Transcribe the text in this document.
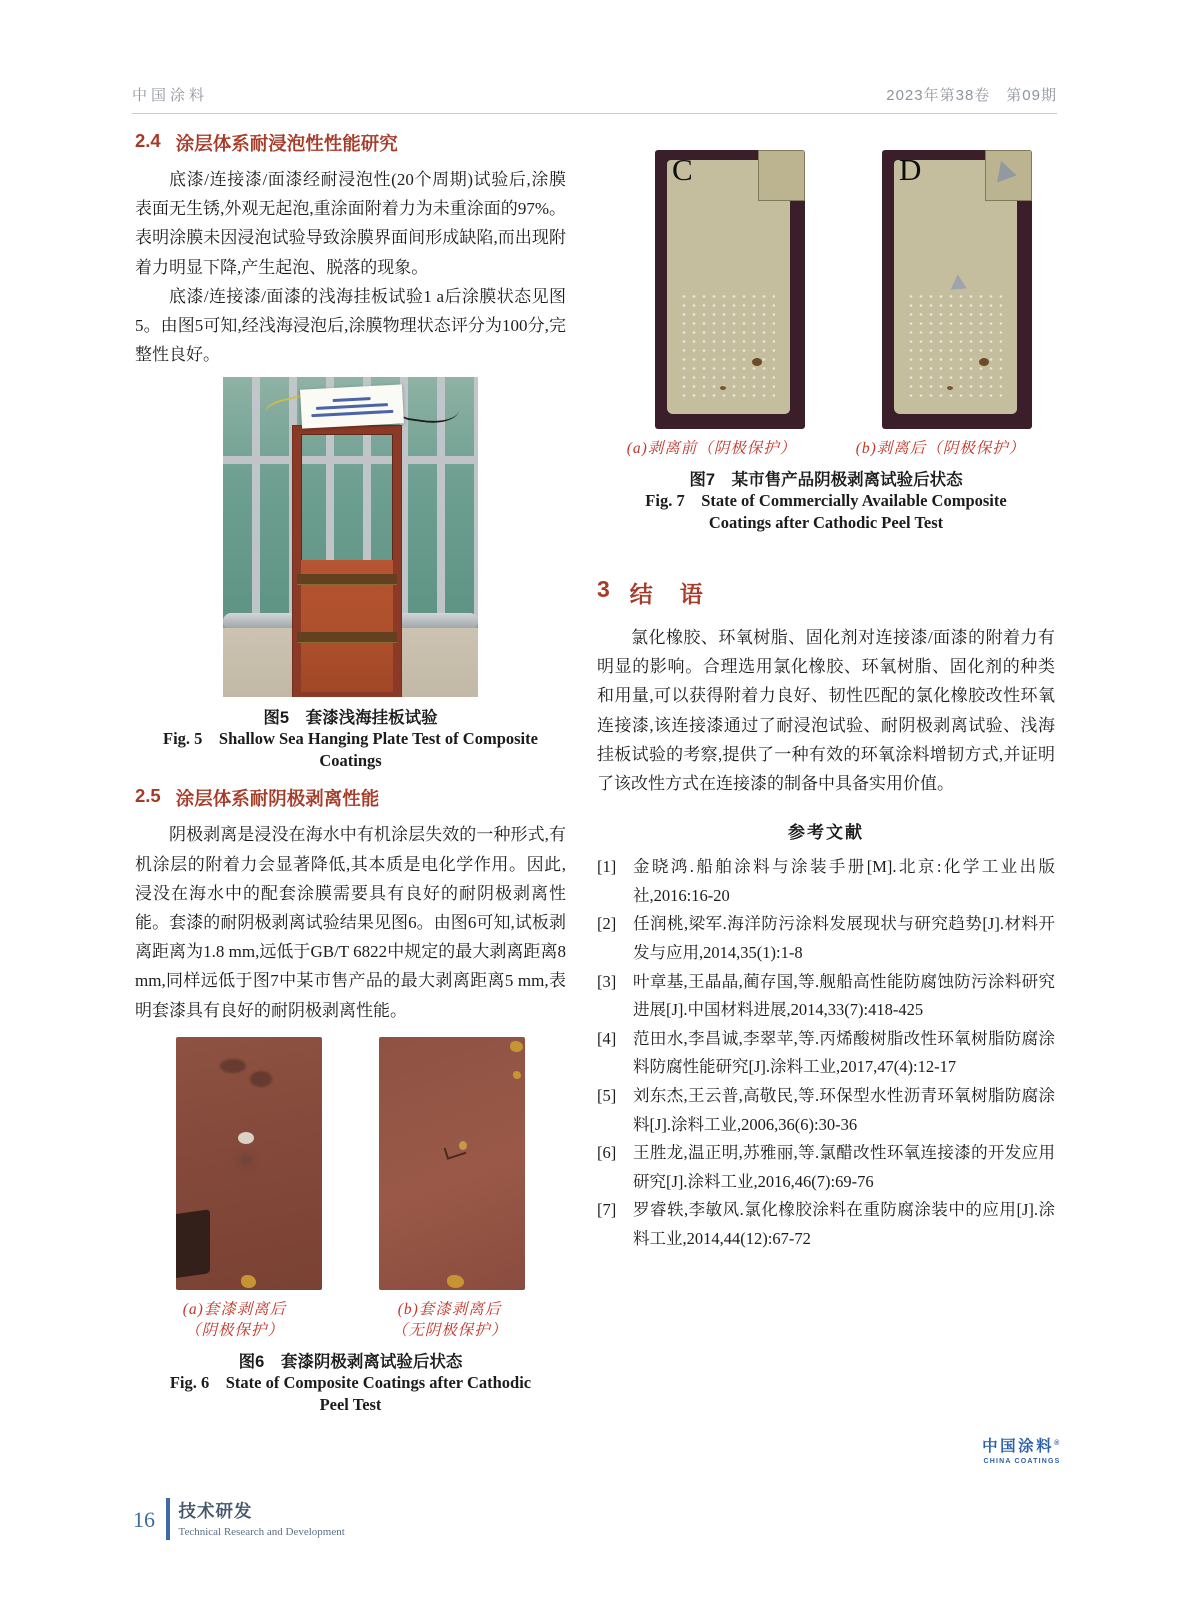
中国涂料	2023年第38卷　第09期
2.4 涂层体系耐浸泡性性能研究

底漆/连接漆/面漆经耐浸泡性(20个周期)试验后,涂膜表面无生锈,外观无起泡,重涂面附着力为未重涂面的97%。表明涂膜未因浸泡试验导致涂膜界面间形成缺陷,而出现附着力明显下降,产生起泡、脱落的现象。

底漆/连接漆/面漆的浅海挂板试验1 a后涂膜状态见图5。由图5可知,经浅海浸泡后,涂膜物理状态评分为100分,完整性良好。

图5　套漆浅海挂板试验
Fig. 5　Shallow Sea Hanging Plate Test of Composite
Coatings
2.5 涂层体系耐阴极剥离性能

阴极剥离是浸没在海水中有机涂层失效的一种形式,有机涂层的附着力会显著降低,其本质是电化学作用。因此,浸没在海水中的配套涂膜需要具有良好的耐阴极剥离性能。套漆的耐阴极剥离试验结果见图6。由图6可知,试板剥离距离为1.8 mm,远低于GB/T 6822中规定的最大剥离距离8 mm,同样远低于图7中某市售产品的最大剥离距离5 mm,表明套漆具有良好的耐阴极剥离性能。

(a)套漆剥离后
（阴极保护）
(b)套漆剥离后
（无阴极保护）
图6　套漆阴极剥离试验后状态
Fig. 6　State of Composite Coatings after Cathodic
Peel Test
C	D
(a)剥离前（阴极保护）	(b)剥离后（阴极保护）
图7　某市售产品阴极剥离试验后状态
Fig. 7　State of Commercially Available Composite
Coatings after Cathodic Peel Test
3 结　语

氯化橡胶、环氧树脂、固化剂对连接漆/面漆的附着力有明显的影响。合理选用氯化橡胶、环氧树脂、固化剂的种类和用量,可以获得附着力良好、韧性匹配的氯化橡胶改性环氧连接漆,该连接漆通过了耐浸泡试验、耐阴极剥离试验、浅海挂板试验的考察,提供了一种有效的环氧涂料增韧方式,并证明了该改性方式在连接漆的制备中具备实用价值。

参考文献
[1] 金晓鸿.船舶涂料与涂装手册[M].北京:化学工业出版社,2016:16-20
[2] 任润桃,梁军.海洋防污涂料发展现状与研究趋势[J].材料开发与应用,2014,35(1):1-8
[3] 叶章基,王晶晶,蔺存国,等.舰船高性能防腐蚀防污涂料研究进展[J].中国材料进展,2014,33(7):418-425
[4] 范田水,李昌诚,李翠苹,等.丙烯酸树脂改性环氧树脂防腐涂料防腐性能研究[J].涂料工业,2017,47(4):12-17
[5] 刘东杰,王云普,高敬民,等.环保型水性沥青环氧树脂防腐涂料[J].涂料工业,2006,36(6):30-36
[6] 王胜龙,温正明,苏雅丽,等.氯醋改性环氧连接漆的开发应用研究[J].涂料工业,2016,46(7):69-76
[7] 罗睿轶,李敏风.氯化橡胶涂料在重防腐涂装中的应用[J].涂料工业,2014,44(12):67-72
中国涂料®
CHINA COATINGS
16 技术研发
Technical Research and Development
